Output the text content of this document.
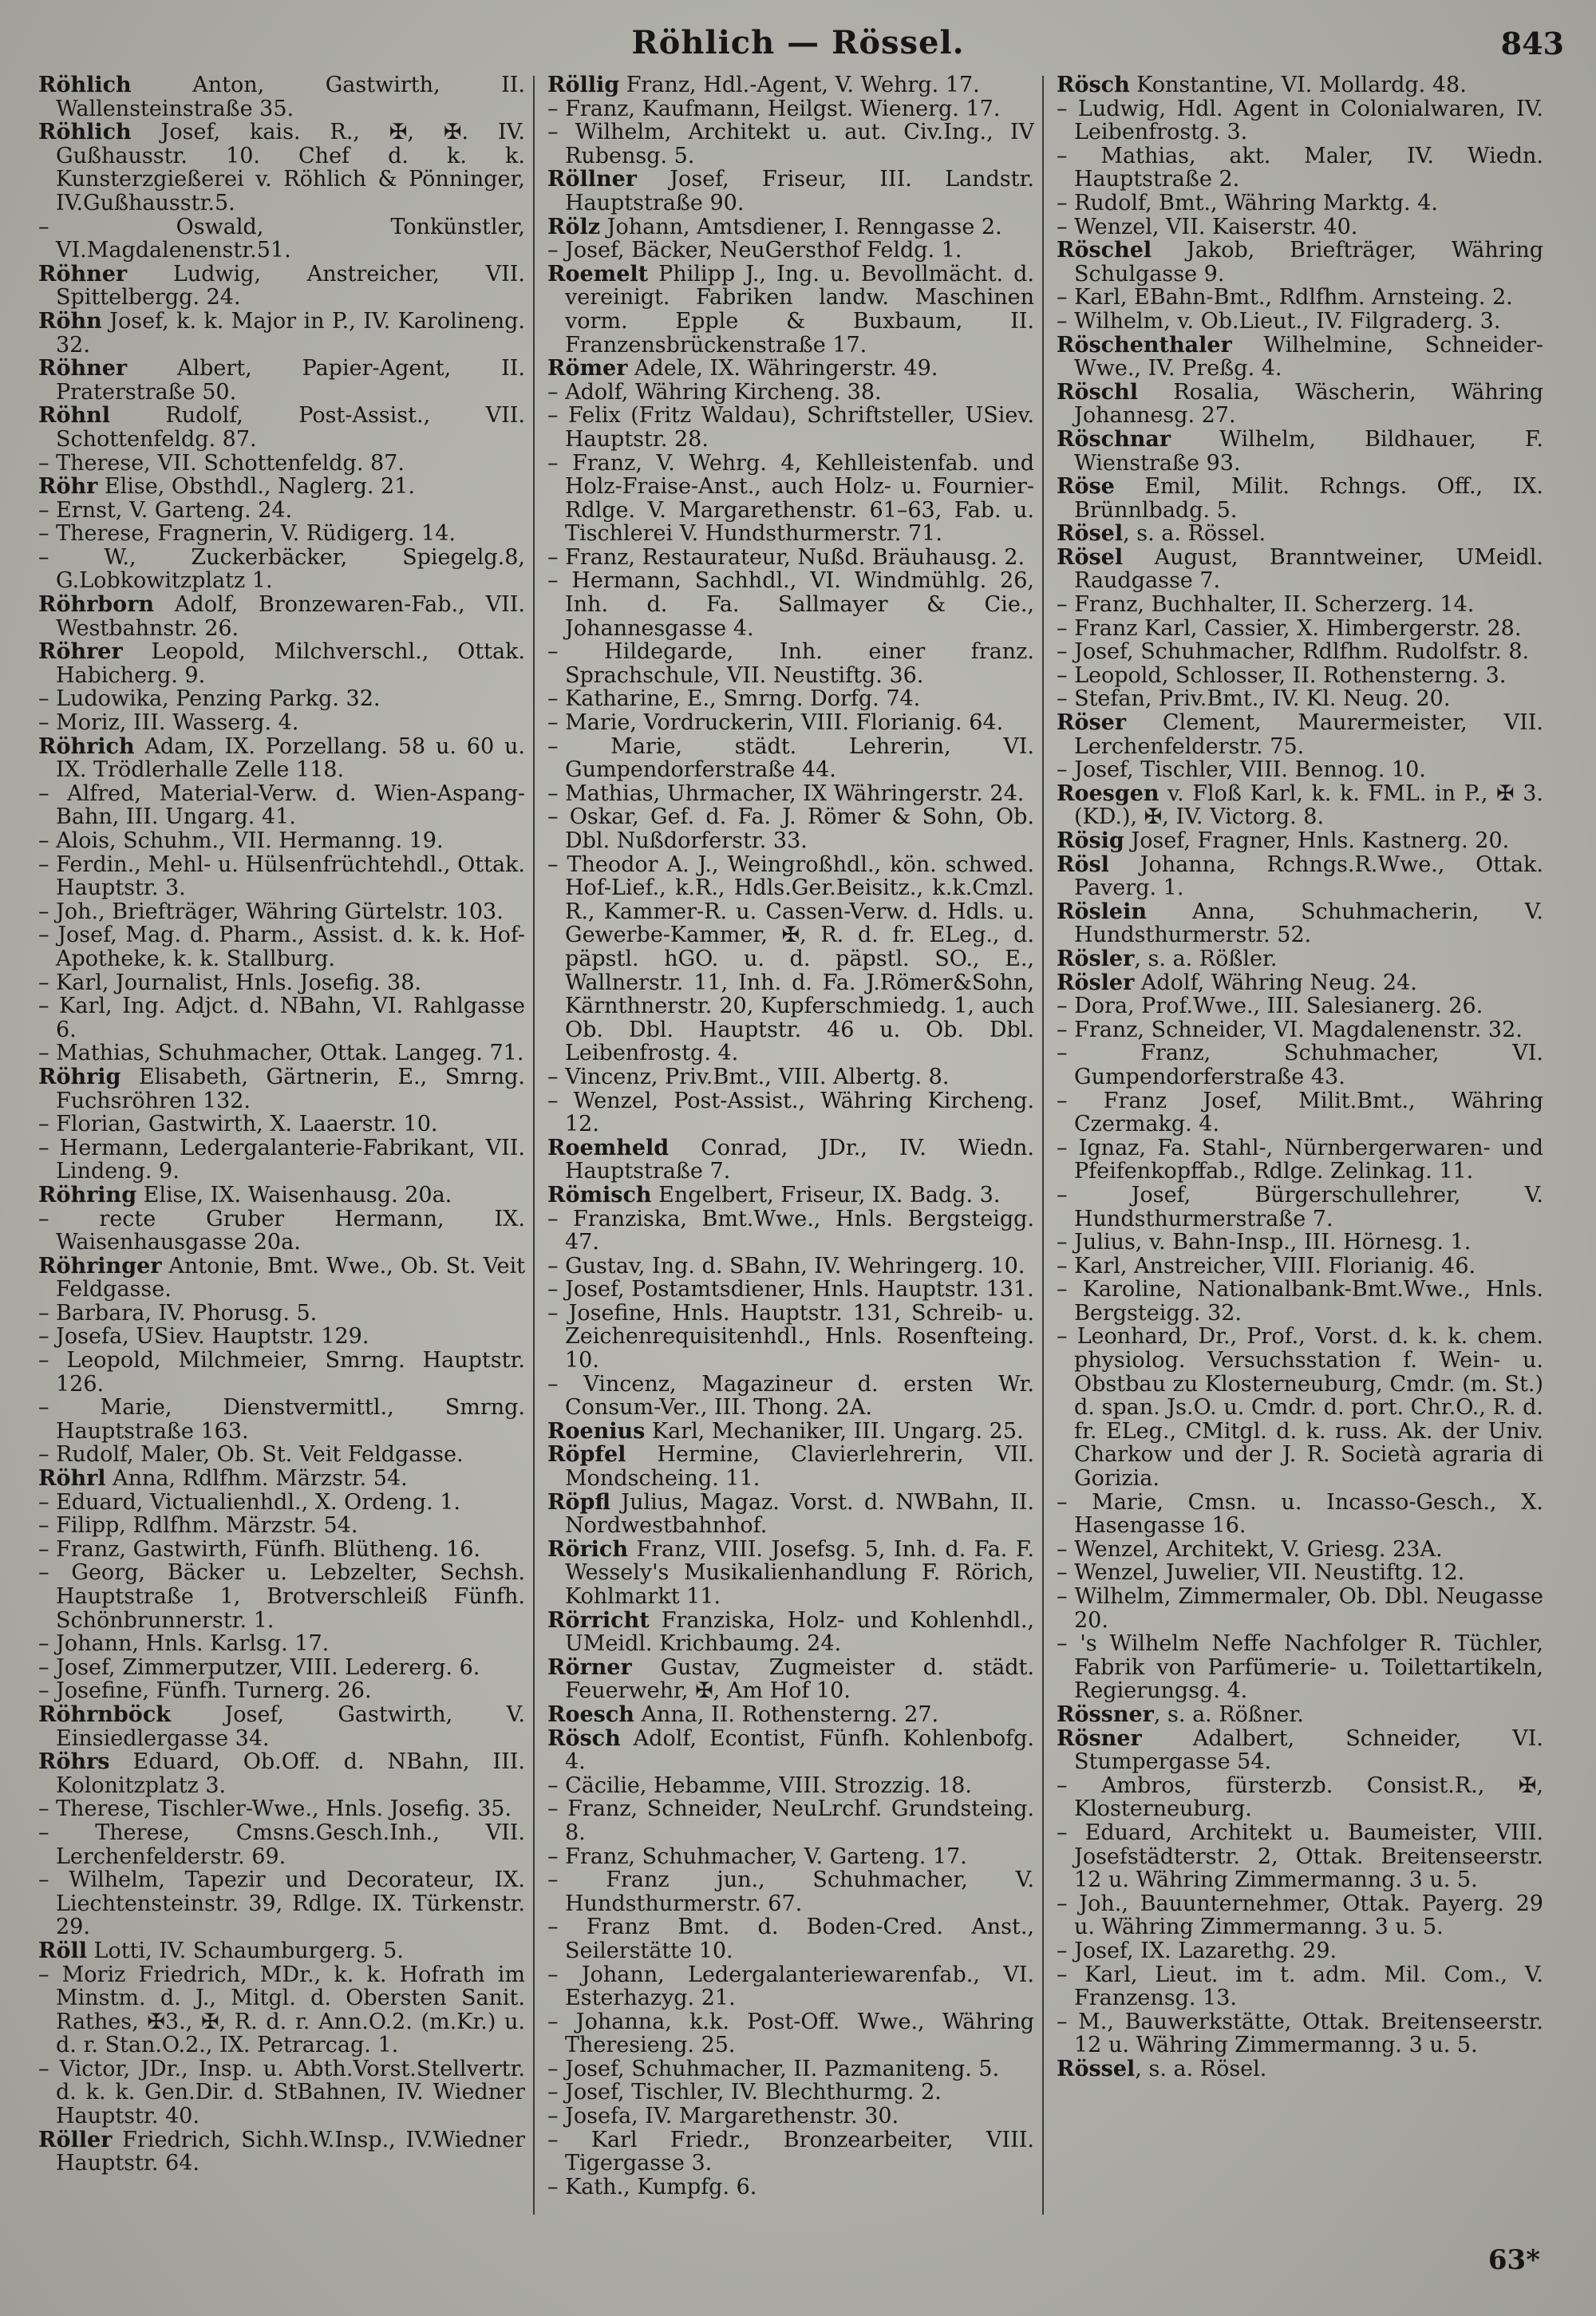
Röhlich — Rössel.	843

Röhlich Anton, Gastwirth, II. Wallensteinstraße 35.

Röhlich Josef, kais. R., ✠, ✠. IV. Gußhausstr. 10. Chef d. k. k. Kunsterzgießerei v. Röhlich & Pönninger, IV.Gußhausstr.5.

– Oswald, Tonkünstler, VI.Magdalenenstr.51.

Röhner Ludwig, Anstreicher, VII. Spittelbergg. 24.

Röhn Josef, k. k. Major in P., IV. Karolineng. 32.

Röhner Albert, Papier-Agent, II. Praterstraße 50.

Röhnl Rudolf, Post-Assist., VII. Schottenfeldg. 87.

– Therese, VII. Schottenfeldg. 87.

Röhr Elise, Obsthdl., Naglerg. 21.

– Ernst, V. Garteng. 24.

– Therese, Fragnerin, V. Rüdigerg. 14.

– W., Zuckerbäcker, Spiegelg.8, G.Lobkowitzplatz 1.

Röhrborn Adolf, Bronzewaren-Fab., VII. Westbahnstr. 26.

Röhrer Leopold, Milchverschl., Ottak. Habicherg. 9.

– Ludowika, Penzing Parkg. 32.

– Moriz, III. Wasserg. 4.

Röhrich Adam, IX. Porzellang. 58 u. 60 u. IX. Trödlerhalle Zelle 118.

– Alfred, Material-Verw. d. Wien-Aspang-Bahn, III. Ungarg. 41.

– Alois, Schuhm., VII. Hermanng. 19.

– Ferdin., Mehl- u. Hülsenfrüchtehdl., Ottak. Hauptstr. 3.

– Joh., Briefträger, Währing Gürtelstr. 103.

– Josef, Mag. d. Pharm., Assist. d. k. k. Hof-Apotheke, k. k. Stallburg.

– Karl, Journalist, Hnls. Josefig. 38.

– Karl, Ing. Adjct. d. NBahn, VI. Rahlgasse 6.

– Mathias, Schuhmacher, Ottak. Langeg. 71.

Röhrig Elisabeth, Gärtnerin, E., Smrng. Fuchsröhren 132.

– Florian, Gastwirth, X. Laaerstr. 10.

– Hermann, Ledergalanterie-Fabrikant, VII. Lindeng. 9.

Röhring Elise, IX. Waisenhausg. 20a.

– recte Gruber Hermann, IX. Waisenhausgasse 20a.

Röhringer Antonie, Bmt. Wwe., Ob. St. Veit Feldgasse.

– Barbara, IV. Phorusg. 5.

– Josefa, USiev. Hauptstr. 129.

– Leopold, Milchmeier, Smrng. Hauptstr. 126.

– Marie, Dienstvermittl., Smrng. Hauptstraße 163.

– Rudolf, Maler, Ob. St. Veit Feldgasse.

Röhrl Anna, Rdlfhm. Märzstr. 54.

– Eduard, Victualienhdl., X. Ordeng. 1.

– Filipp, Rdlfhm. Märzstr. 54.

– Franz, Gastwirth, Fünfh. Blütheng. 16.

– Georg, Bäcker u. Lebzelter, Sechsh. Hauptstraße 1, Brotverschleiß Fünfh. Schönbrunnerstr. 1.

– Johann, Hnls. Karlsg. 17.

– Josef, Zimmerputzer, VIII. Ledererg. 6.

– Josefine, Fünfh. Turnerg. 26.

Röhrnböck Josef, Gastwirth, V. Einsiedlergasse 34.

Röhrs Eduard, Ob.Off. d. NBahn, III. Kolonitzplatz 3.

– Therese, Tischler-Wwe., Hnls. Josefig. 35.

– Therese, Cmsns.Gesch.Inh., VII. Lerchenfelderstr. 69.

– Wilhelm, Tapezir und Decorateur, IX. Liechtensteinstr. 39, Rdlge. IX. Türkenstr. 29.

Röll Lotti, IV. Schaumburgerg. 5.

– Moriz Friedrich, MDr., k. k. Hofrath im Minstm. d. J., Mitgl. d. Obersten Sanit. Rathes, ✠3., ✠, R. d. r. Ann.O.2. (m.Kr.) u. d. r. Stan.O.2., IX. Petrarcag. 1.

– Victor, JDr., Insp. u. Abth.Vorst.Stellvertr. d. k. k. Gen.Dir. d. StBahnen, IV. Wiedner Hauptstr. 40.

Röller Friedrich, Sichh.W.Insp., IV.Wiedner Hauptstr. 64.

Röllig Franz, Hdl.-Agent, V. Wehrg. 17.

– Franz, Kaufmann, Heilgst. Wienerg. 17.

– Wilhelm, Architekt u. aut. Civ.Ing., IV Rubensg. 5.

Röllner Josef, Friseur, III. Landstr. Hauptstraße 90.

Rölz Johann, Amtsdiener, I. Renngasse 2.

– Josef, Bäcker, NeuGersthof Feldg. 1.

Roemelt Philipp J., Ing. u. Bevollmächt. d. vereinigt. Fabriken landw. Maschinen vorm. Epple & Buxbaum, II. Franzensbrückenstraße 17.

Römer Adele, IX. Währingerstr. 49.

– Adolf, Währing Kircheng. 38.

– Felix (Fritz Waldau), Schriftsteller, USiev. Hauptstr. 28.

– Franz, V. Wehrg. 4, Kehlleistenfab. und Holz-Fraise-Anst., auch Holz- u. Fournier-Rdlge. V. Margarethenstr. 61–63, Fab. u. Tischlerei V. Hundsthurmerstr. 71.

– Franz, Restaurateur, Nußd. Bräuhausg. 2.

– Hermann, Sachhdl., VI. Windmühlg. 26, Inh. d. Fa. Sallmayer & Cie., Johannesgasse 4.

– Hildegarde, Inh. einer franz. Sprachschule, VII. Neustiftg. 36.

– Katharine, E., Smrng. Dorfg. 74.

– Marie, Vordruckerin, VIII. Florianig. 64.

– Marie, städt. Lehrerin, VI. Gumpendorferstraße 44.

– Mathias, Uhrmacher, IX Währingerstr. 24.

– Oskar, Gef. d. Fa. J. Römer & Sohn, Ob. Dbl. Nußdorferstr. 33.

– Theodor A. J., Weingroßhdl., kön. schwed. Hof-Lief., k.R., Hdls.Ger.Beisitz., k.k.Cmzl. R., Kammer-R. u. Cassen-Verw. d. Hdls. u. Gewerbe-Kammer, ✠, R. d. fr. ELeg., d. päpstl. hGO. u. d. päpstl. SO., E., Wallnerstr. 11, Inh. d. Fa. J.Römer&Sohn, Kärnthnerstr. 20, Kupferschmiedg. 1, auch Ob. Dbl. Hauptstr. 46 u. Ob. Dbl. Leibenfrostg. 4.

– Vincenz, Priv.Bmt., VIII. Albertg. 8.

– Wenzel, Post-Assist., Währing Kircheng. 12.

Roemheld Conrad, JDr., IV. Wiedn. Hauptstraße 7.

Römisch Engelbert, Friseur, IX. Badg. 3.

– Franziska, Bmt.Wwe., Hnls. Bergsteigg. 47.

– Gustav, Ing. d. SBahn, IV. Wehringerg. 10.

– Josef, Postamtsdiener, Hnls. Hauptstr. 131.

– Josefine, Hnls. Hauptstr. 131, Schreib- u. Zeichenrequisitenhdl., Hnls. Rosenfteing. 10.

– Vincenz, Magazineur d. ersten Wr. Consum-Ver., III. Thong. 2A.

Roenius Karl, Mechaniker, III. Ungarg. 25.

Röpfel Hermine, Clavierlehrerin, VII. Mondscheing. 11.

Röpfl Julius, Magaz. Vorst. d. NWBahn, II. Nordwestbahnhof.

Rörich Franz, VIII. Josefsg. 5, Inh. d. Fa. F. Wessely's Musikalienhandlung F. Rörich, Kohlmarkt 11.

Rörricht Franziska, Holz- und Kohlenhdl., UMeidl. Krichbaumg. 24.

Rörner Gustav, Zugmeister d. städt. Feuerwehr, ✠, Am Hof 10.

Roesch Anna, II. Rothensterng. 27.

Rösch Adolf, Econtist, Fünfh. Kohlenbofg. 4.

– Cäcilie, Hebamme, VIII. Strozzig. 18.

– Franz, Schneider, NeuLrchf. Grundsteing. 8.

– Franz, Schuhmacher, V. Garteng. 17.

– Franz jun., Schuhmacher, V. Hundsthurmerstr. 67.

– Franz Bmt. d. Boden-Cred. Anst., Seilerstätte 10.

– Johann, Ledergalanteriewarenfab., VI. Esterhazyg. 21.

– Johanna, k.k. Post-Off. Wwe., Währing Theresieng. 25.

– Josef, Schuhmacher, II. Pazmaniteng. 5.

– Josef, Tischler, IV. Blechthurmg. 2.

– Josefa, IV. Margarethenstr. 30.

– Karl Friedr., Bronzearbeiter, VIII. Tigergasse 3.

– Kath., Kumpfg. 6.

Rösch Konstantine, VI. Mollardg. 48.

– Ludwig, Hdl. Agent in Colonialwaren, IV. Leibenfrostg. 3.

– Mathias, akt. Maler, IV. Wiedn. Hauptstraße 2.

– Rudolf, Bmt., Währing Marktg. 4.

– Wenzel, VII. Kaiserstr. 40.

Röschel Jakob, Briefträger, Währing Schulgasse 9.

– Karl, EBahn-Bmt., Rdlfhm. Arnsteing. 2.

– Wilhelm, v. Ob.Lieut., IV. Filgraderg. 3.

Röschenthaler Wilhelmine, Schneider-Wwe., IV. Preßg. 4.

Röschl Rosalia, Wäscherin, Währing Johannesg. 27.

Röschnar Wilhelm, Bildhauer, F. Wienstraße 93.

Röse Emil, Milit. Rchngs. Off., IX. Brünnlbadg. 5.

Rösel, s. a. Rössel.

Rösel August, Branntweiner, UMeidl. Raudgasse 7.

– Franz, Buchhalter, II. Scherzerg. 14.

– Franz Karl, Cassier, X. Himbergerstr. 28.

– Josef, Schuhmacher, Rdlfhm. Rudolfstr. 8.

– Leopold, Schlosser, II. Rothensterng. 3.

– Stefan, Priv.Bmt., IV. Kl. Neug. 20.

Röser Clement, Maurermeister, VII. Lerchenfelderstr. 75.

– Josef, Tischler, VIII. Bennog. 10.

Roesgen v. Floß Karl, k. k. FML. in P., ✠ 3. (KD.), ✠, IV. Victorg. 8.

Rösig Josef, Fragner, Hnls. Kastnerg. 20.

Rösl Johanna, Rchngs.R.Wwe., Ottak. Paverg. 1.

Röslein Anna, Schuhmacherin, V. Hundsthurmerstr. 52.

Rösler, s. a. Rößler.

Rösler Adolf, Währing Neug. 24.

– Dora, Prof.Wwe., III. Salesianerg. 26.

– Franz, Schneider, VI. Magdalenenstr. 32.

– Franz, Schuhmacher, VI. Gumpendorferstraße 43.

– Franz Josef, Milit.Bmt., Währing Czermakg. 4.

– Ignaz, Fa. Stahl-, Nürnbergerwaren- und Pfeifenkopffab., Rdlge. Zelinkag. 11.

– Josef, Bürgerschullehrer, V. Hundsthurmerstraße 7.

– Julius, v. Bahn-Insp., III. Hörnesg. 1.

– Karl, Anstreicher, VIII. Florianig. 46.

– Karoline, Nationalbank-Bmt.Wwe., Hnls. Bergsteigg. 32.

– Leonhard, Dr., Prof., Vorst. d. k. k. chem. physiolog. Versuchsstation f. Wein- u. Obstbau zu Klosterneuburg, Cmdr. (m. St.) d. span. Js.O. u. Cmdr. d. port. Chr.O., R. d. fr. ELeg., CMitgl. d. k. russ. Ak. der Univ. Charkow und der J. R. Società agraria di Gorizia.

– Marie, Cmsn. u. Incasso-Gesch., X. Hasengasse 16.

– Wenzel, Architekt, V. Griesg. 23A.

– Wenzel, Juwelier, VII. Neustiftg. 12.

– Wilhelm, Zimmermaler, Ob. Dbl. Neugasse 20.

– 's Wilhelm Neffe Nachfolger R. Tüchler, Fabrik von Parfümerie- u. Toilettartikeln, Regierungsg. 4.

Rössner, s. a. Rößner.

Rösner Adalbert, Schneider, VI. Stumpergasse 54.

– Ambros, fürsterzb. Consist.R., ✠, Klosterneuburg.

– Eduard, Architekt u. Baumeister, VIII. Josefstädterstr. 2, Ottak. Breitenseerstr. 12 u. Währing Zimmermanng. 3 u. 5.

– Joh., Bauunternehmer, Ottak. Payerg. 29 u. Währing Zimmermanng. 3 u. 5.

– Josef, IX. Lazarethg. 29.

– Karl, Lieut. im t. adm. Mil. Com., V. Franzensg. 13.

– M., Bauwerkstätte, Ottak. Breitenseerstr. 12 u. Währing Zimmermanng. 3 u. 5.

Rössel, s. a. Rösel.

63*
